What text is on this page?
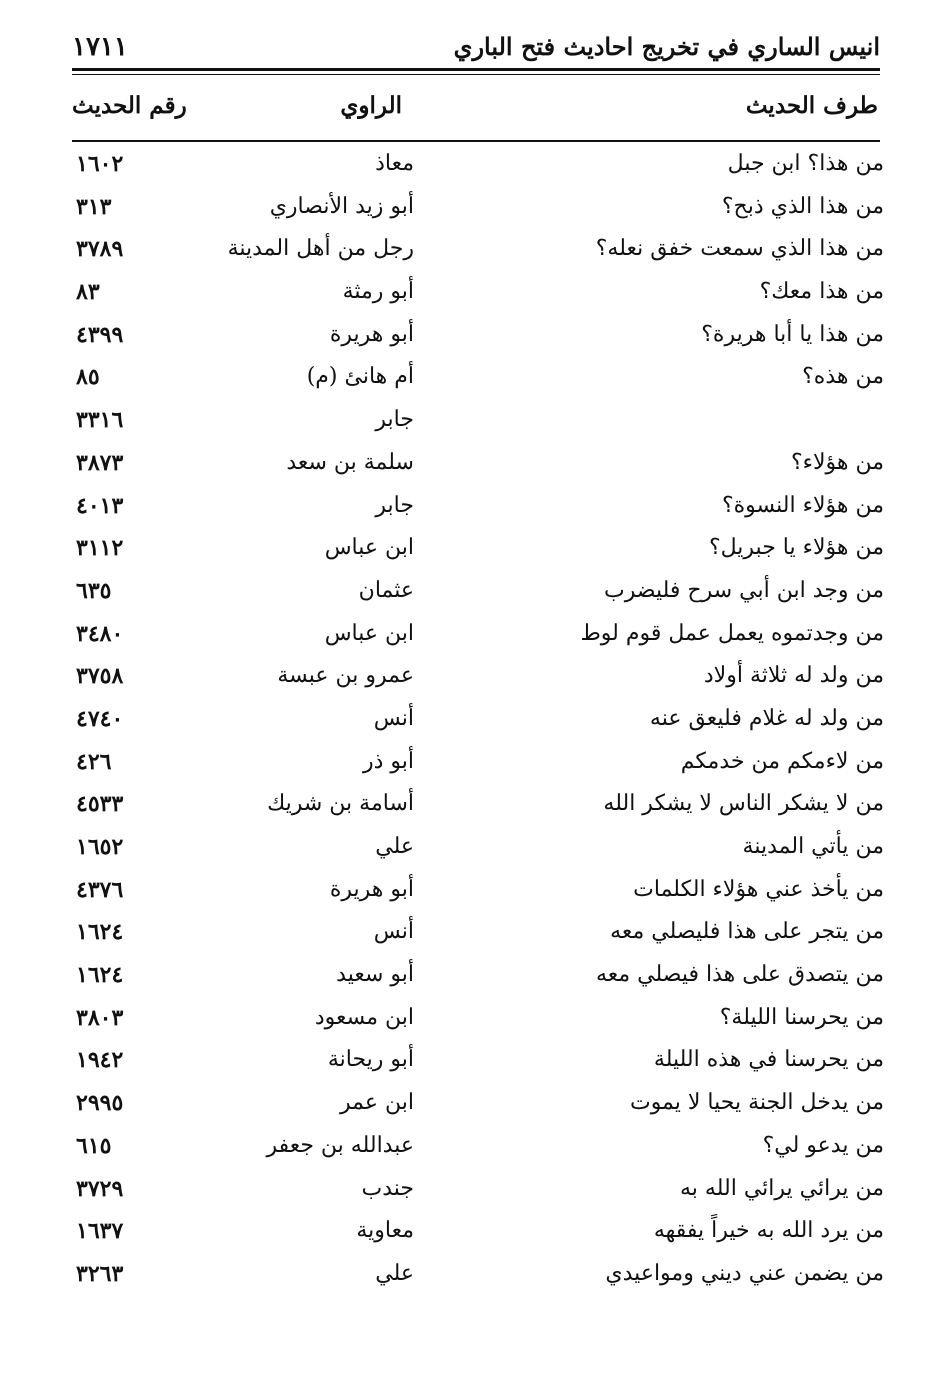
انيس الساري في تخريج احاديث فتح الباري
١٧١١
طرف الحديث
الراوي
رقم الحديث
من هذا؟ ابن جبل
معاذ
١٦٠٢
من هذا الذي ذبح؟
أبو زيد الأنصاري
٣١٣
من هذا الذي سمعت خفق نعله؟
رجل من أهل المدينة
٣٧٨٩
من هذا معك؟
أبو رمثة
٨٣
من هذا يا أبا هريرة؟
أبو هريرة
٤٣٩٩
من هذه؟
أم هانئ (م)
٨٥
جابر
٣٣١٦
من هؤلاء؟
سلمة بن سعد
٣٨٧٣
من هؤلاء النسوة؟
جابر
٤٠١٣
من هؤلاء يا جبريل؟
ابن عباس
٣١١٢
من وجد ابن أبي سرح فليضرب
عثمان
٦٣٥
من وجدتموه يعمل عمل قوم لوط
ابن عباس
٣٤٨٠
من ولد له ثلاثة أولاد
عمرو بن عبسة
٣٧٥٨
من ولد له غلام فليعق عنه
أنس
٤٧٤٠
من لاءمكم من خدمكم
أبو ذر
٤٢٦
من لا يشكر الناس لا يشكر الله
أسامة بن شريك
٤٥٣٣
من يأتي المدينة
علي
١٦٥٢
من يأخذ عني هؤلاء الكلمات
أبو هريرة
٤٣٧٦
من يتجر على هذا فليصلي معه
أنس
١٦٢٤
من يتصدق على هذا فيصلي معه
أبو سعيد
١٦٢٤
من يحرسنا الليلة؟
ابن مسعود
٣٨٠٣
من يحرسنا في هذه الليلة
أبو ريحانة
١٩٤٢
من يدخل الجنة يحيا لا يموت
ابن عمر
٢٩٩٥
من يدعو لي؟
عبدالله بن جعفر
٦١٥
من يرائي يرائي الله به
جندب
٣٧٢٩
من يرد الله به خيراً يفقهه
معاوية
١٦٣٧
من يضمن عني ديني ومواعيدي
علي
٣٢٦٣
